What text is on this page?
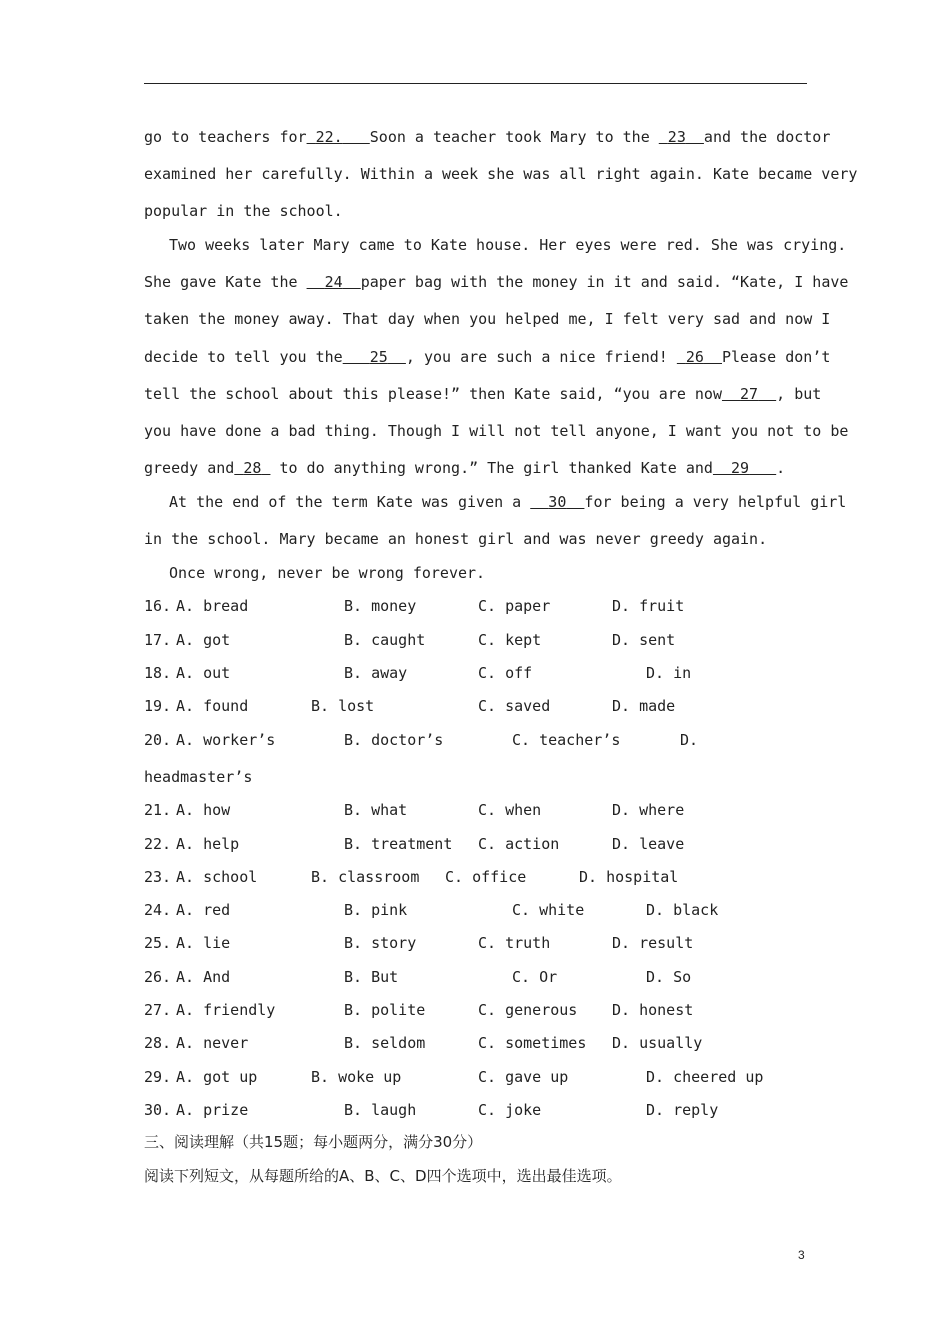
go to teachers for 22. Soon a teacher took Mary to the  23 and the doctor
examined her carefully. Within a week she was all right again. Kate became very
popular in the school.
Two weeks later Mary came to Kate house. Her eyes were red. She was crying.
She gave Kate the   24 paper bag with the money in it and said. “Kate, I have
taken the money away. That day when you helped me, I felt very sad and now I
decide to tell you the 25 , you are such a nice friend!  26 Please don’t
tell the school about this please!” then Kate said, “you are now 27 , but
you have done a bad thing. Though I will not tell anyone, I want you not to be
greedy and 28  to do anything wrong.” The girl thanked Kate and 29 .
At the end of the term Kate was given a   30 for being a very helpful girl
in the school. Mary became an honest girl and was never greedy again.
Once wrong, never be wrong forever.
16. A. bread	B. money	C. paper	D. fruit
17. A. got	B. caught	C. kept	D. sent
18. A. out	B. away	C. off	D. in
19. A. found	B. lost	C. saved	D. made
20. A. worker’s	B. doctor’s	C. teacher’s	D.
headmaster’s
21. A. how	B. what	C. when	D. where
22. A. help	B. treatment C. action	D. leave
23. A. school	B. classroom C. office	D. hospital
24. A. red	B. pink	C. white	D. black
25. A. lie	B. story	C. truth	D. result
26. A. And	B. But	C. Or	D. So
27. A. friendly	B. polite	C. generous D. honest
28. A. never	B. seldom	C. sometimes D. usually
29. A. got up	B. woke up	C. gave up	D. cheered up
30. A. prize	B. laugh	C. joke	D. reply
三、阅读理解（共15题；每小题两分，满分30分）
阅读下列短文，从每题所给的A、B、C、D四个选项中，选出最佳选项。
3
